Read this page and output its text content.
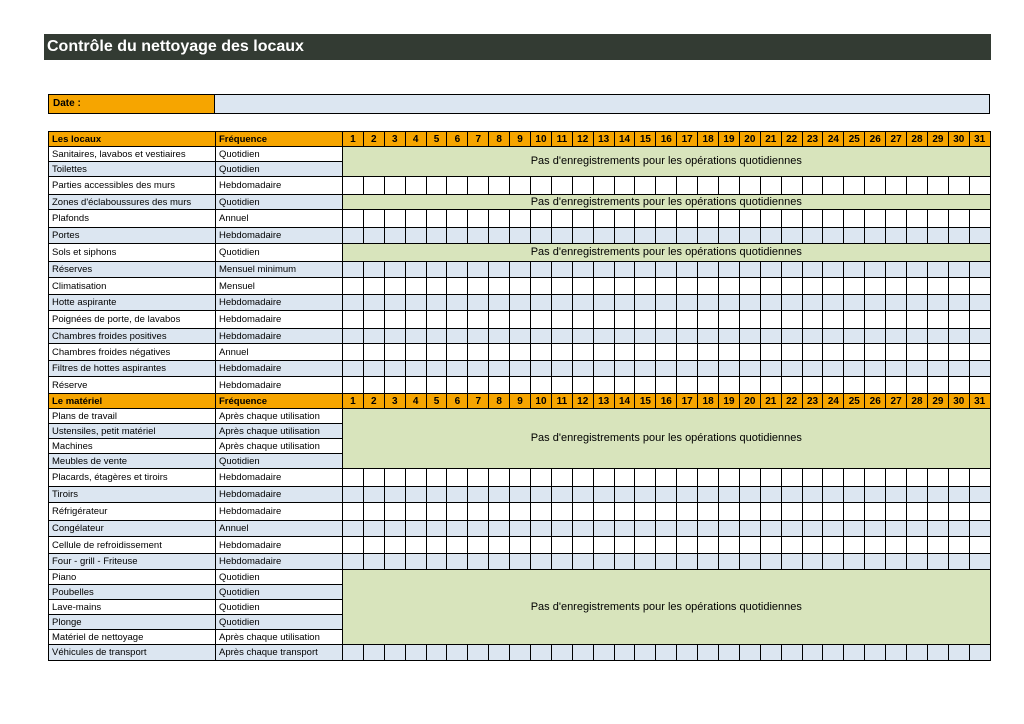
Contrôle du nettoyage des locaux
Date :
Les locaux	Fréquence	1	2	3	4	5	6	7	8	9	10	11	12	13	14	15	16	17	18	19	20	21	22	23	24	25	26	27	28	29	30	31
Sanitaires, lavabos et vestiaires	Quotidien	Pas d'enregistrements pour les opérations quotidiennes																														
Toilettes	Quotidien																															
Parties accessibles des murs	Hebdomadaire																															
Zones d'éclaboussures des murs	Quotidien	Pas d'enregistrements pour les opérations quotidiennes																														
Plafonds	Annuel																															
Portes	Hebdomadaire																															
Sols et siphons	Quotidien	Pas d'enregistrements pour les opérations quotidiennes																														
Réserves	Mensuel minimum																															
Climatisation	Mensuel																															
Hotte aspirante	Hebdomadaire																															
Poignées de porte, de lavabos	Hebdomadaire																															
Chambres froides positives	Hebdomadaire																															
Chambres froides négatives	Annuel																															
Filtres de hottes aspirantes	Hebdomadaire																															
Réserve	Hebdomadaire																															
Le matériel	Fréquence	1	2	3	4	5	6	7	8	9	10	11	12	13	14	15	16	17	18	19	20	21	22	23	24	25	26	27	28	29	30	31
Plans de travail	Après chaque utilisation	Pas d'enregistrements pour les opérations quotidiennes																														
Ustensiles, petit matériel	Après chaque utilisation																															
Machines	Après chaque utilisation																															
Meubles de vente	Quotidien																															
Placards, étagères et tiroirs	Hebdomadaire																															
Tiroirs	Hebdomadaire																															
Réfrigérateur	Hebdomadaire																															
Congélateur	Annuel																															
Cellule de refroidissement	Hebdomadaire																															
Four - grill - Friteuse	Hebdomadaire																															
Piano	Quotidien	Pas d'enregistrements pour les opérations quotidiennes																														
Poubelles	Quotidien																															
Lave-mains	Quotidien																															
Plonge	Quotidien																															
Matériel de nettoyage	Après chaque utilisation																															
Véhicules de transport	Après chaque transport																															
